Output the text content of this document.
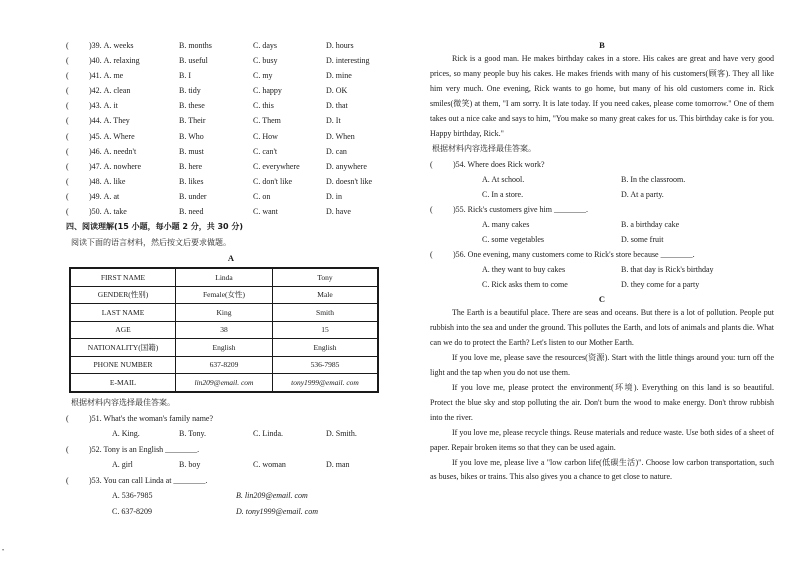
(	)39. A. weeks	B. months	C. days	D. hours
(	)40. A. relaxing	B. useful	C. busy	D. interesting
(	)41. A. me	B. I	C. my	D. mine
(	)42. A. clean	B. tidy	C. happy	D. OK
(	)43. A. it	B. these	C. this	D. that
(	)44. A. They	B. Their	C. Them	D. It
(	)45. A. Where	B. Who	C. How	D. When
(	)46. A. needn't	B. must	C. can't	D. can
(	)47. A. nowhere	B. here	C. everywhere	D. anywhere
(	)48. A. like	B. likes	C. don't like	D. doesn't like
(	)49. A. at	B. under	C. on	D. in
(	)50. A. take	B. need	C. want	D. have
四、阅读理解(15 小题，每小题 2 分，共 30 分)
阅读下面的语言材料，然后按文后要求做题。
A
FIRST NAME	Linda	Tony
GENDER(性别)	Female(女性)	Male
LAST NAME	King	Smith
AGE	38	15
NATIONALITY(国籍)	English	English
PHONE NUMBER	637-8209	536-7985
E-MAIL	lin209@email. com	tony1999@email. com
根据材料内容选择最佳答案。
(	)51. What's the woman's family name?
A. King.	B. Tony.	C. Linda.	D. Smith.
(	)52. Tony is an English ________.
A. girl	B. boy	C. woman	D. man
(	)53. You can call Linda at ________.
A. 536-7985	B. lin209@email. com
C. 637-8209	D. tony1999@email. com
B

Rick is a good man. He makes birthday cakes in a store. His cakes are great and have very good prices, so many people buy his cakes. He makes friends with many of his customers(顾客). They all like him very much. One evening, Rick wants to go home, but many of his old customers come in. Rick smiles(微笑) at them, "I am sorry. It is late today. If you need cakes, please come tomorrow." One of them takes out a nice cake and says to him, "You make so many great cakes for us. This birthday cake is for you. Happy birthday, Rick."

根据材料内容选择最佳答案。
(	)54. Where does Rick work?
A. At school.	B. In the classroom.
C. In a store.	D. At a party.
(	)55. Rick's customers give him ________.
A. many cakes	B. a birthday cake
C. some vegetables	D. some fruit
(	)56. One evening, many customers come to Rick's store because ________.
A. they want to buy cakes	B. that day is Rick's birthday
C. Rick asks them to come	D. they come for a party
C

The Earth is a beautiful place. There are seas and oceans. But there is a lot of pollution. People put rubbish into the sea and under the ground. This pollutes the Earth, and lots of animals and plants die. What can we do to protect the Earth? Let's listen to our Mother Earth.

If you love me, please save the resources(资源). Start with the little things around you: turn off the light and the tap when you do not use them.

If you love me, please protect the environment(环境). Everything on this land is so beautiful. Protect the blue sky and stop polluting the air. Don't burn the wood to make energy. Don't throw rubbish into the river.

If you love me, please recycle things. Reuse materials and reduce waste. Use both sides of a sheet of paper. Repair broken items so that they can be used again.

If you love me, please live a "low carbon life(低碳生活)". Choose low carbon transportation, such as buses, bikes or trains. This also gives you a chance to get close to nature.

•
